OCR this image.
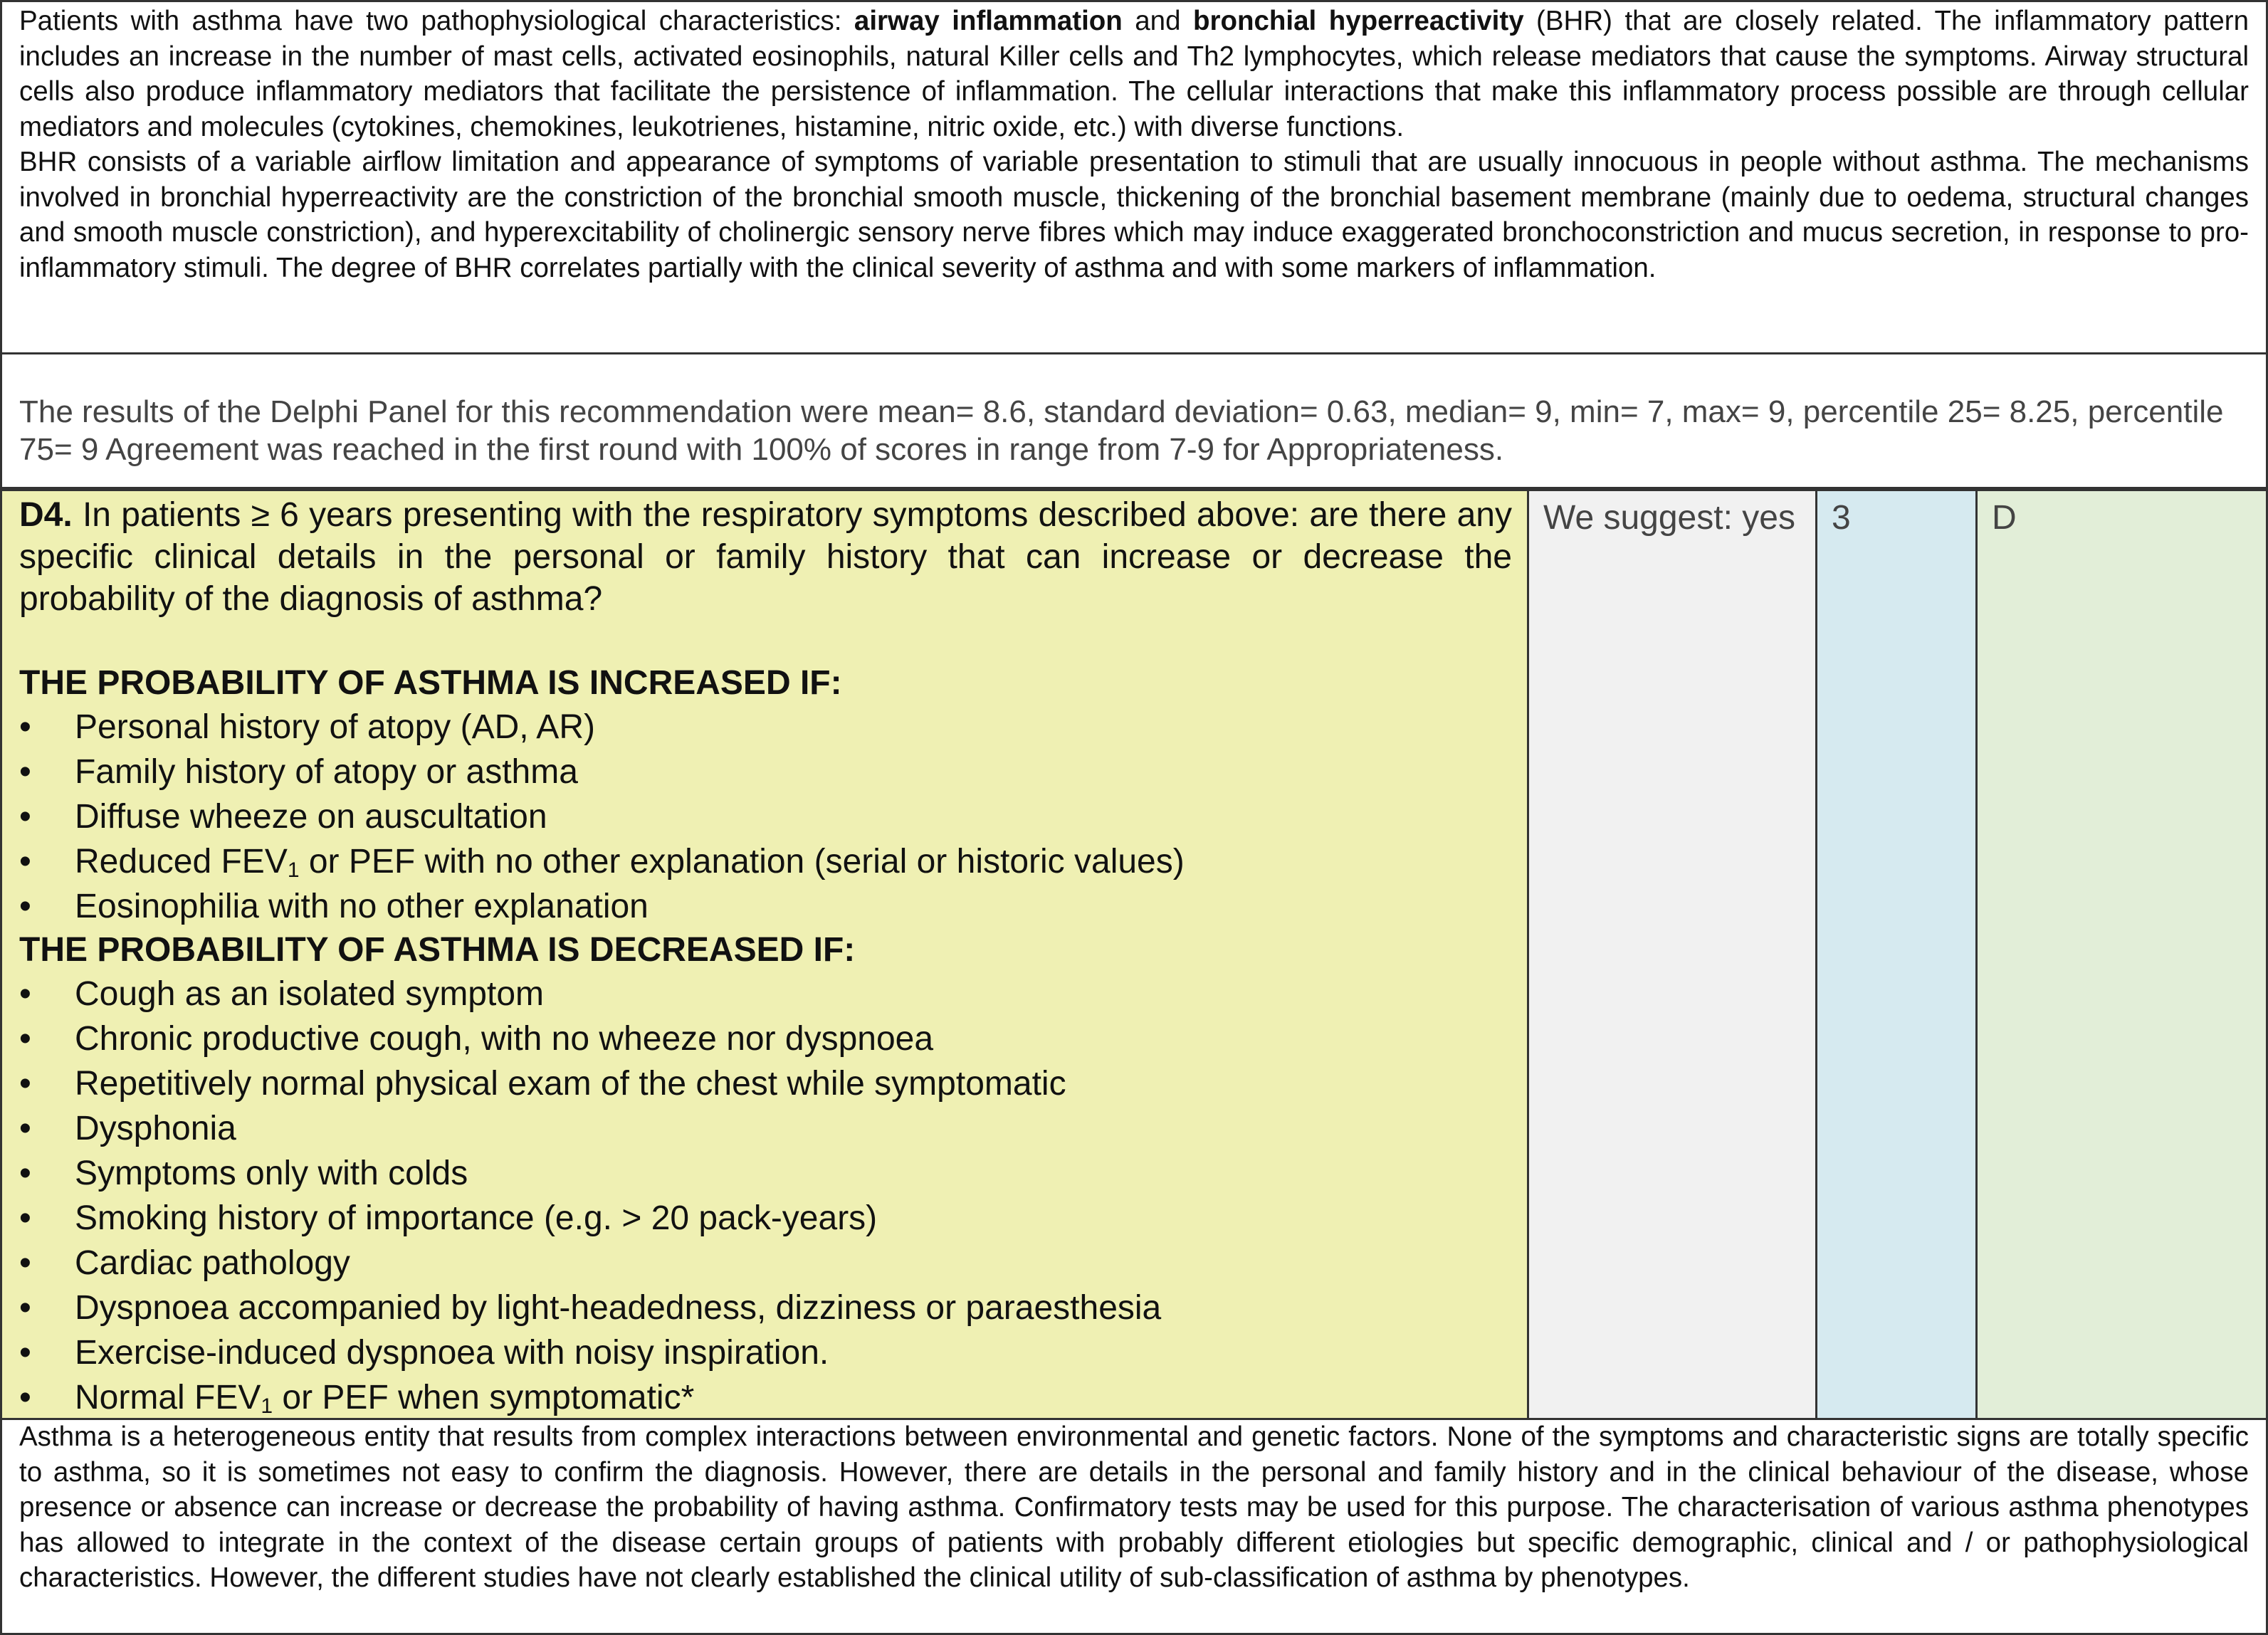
Patients with asthma have two pathophysiological characteristics: airway inflammation and bronchial hyperreactivity (BHR) that are closely related. The inflammatory pattern includes an increase in the number of mast cells, activated eosinophils, natural Killer cells and Th2 lymphocytes, which release mediators that cause the symptoms. Airway structural cells also produce inflammatory mediators that facilitate the persistence of inflammation. The cellular interactions that make this inflammatory process possible are through cellular mediators and molecules (cytokines, chemokines, leukotrienes, histamine, nitric oxide, etc.) with diverse functions.

BHR consists of a variable airflow limitation and appearance of symptoms of variable presentation to stimuli that are usually innocuous in people without asthma. The mechanisms involved in bronchial hyperreactivity are the constriction of the bronchial smooth muscle, thickening of the bronchial basement membrane (mainly due to oedema, structural changes and smooth muscle constriction), and hyperexcitability of cholinergic sensory nerve fibres which may induce exaggerated bronchoconstriction and mucus secretion, in response to pro-inflammatory stimuli. The degree of BHR correlates partially with the clinical severity of asthma and with some markers of inflammation.

The results of the Delphi Panel for this recommendation were mean= 8.6, standard deviation= 0.63, median= 9, min= 7, max= 9, percentile 25= 8.25, percentile 75= 9 Agreement was reached in the first round with 100% of scores in range from 7-9 for Appropriateness.

D4. In patients ≥ 6 years presenting with the respiratory symptoms described above: are there any specific clinical details in the personal or family history that can increase or decrease the probability of the diagnosis of asthma?

THE PROBABILITY OF ASTHMA IS INCREASED IF:

• Personal history of atopy (AD, AR)
• Family history of atopy or asthma
• Diffuse wheeze on auscultation
• Reduced $FEV_1$ or PEF with no other explanation (serial or historic values)
• Eosinophilia with no other explanation

THE PROBABILITY OF ASTHMA IS DECREASED IF:

• Cough as an isolated symptom
• Chronic productive cough, with no wheeze nor dyspnoea
• Repetitively normal physical exam of the chest while symptomatic
• Dysphonia
• Symptoms only with colds
• Smoking history of importance (e.g. > 20 pack-years)
• Cardiac pathology
• Dyspnoea accompanied by light-headedness, dizziness or paraesthesia
• Exercise-induced dyspnoea with noisy inspiration.
• Normal $FEV_1$ or PEF when symptomatic*
We suggest: yes	3	D

Asthma is a heterogeneous entity that results from complex interactions between environmental and genetic factors. None of the symptoms and characteristic signs are totally specific to asthma, so it is sometimes not easy to confirm the diagnosis. However, there are details in the personal and family history and in the clinical behaviour of the disease, whose presence or absence can increase or decrease the probability of having asthma. Confirmatory tests may be used for this purpose. The characterisation of various asthma phenotypes has allowed to integrate in the context of the disease certain groups of patients with probably different etiologies but specific demographic, clinical and / or pathophysiological characteristics. However, the different studies have not clearly established the clinical utility of sub-classification of asthma by phenotypes.
